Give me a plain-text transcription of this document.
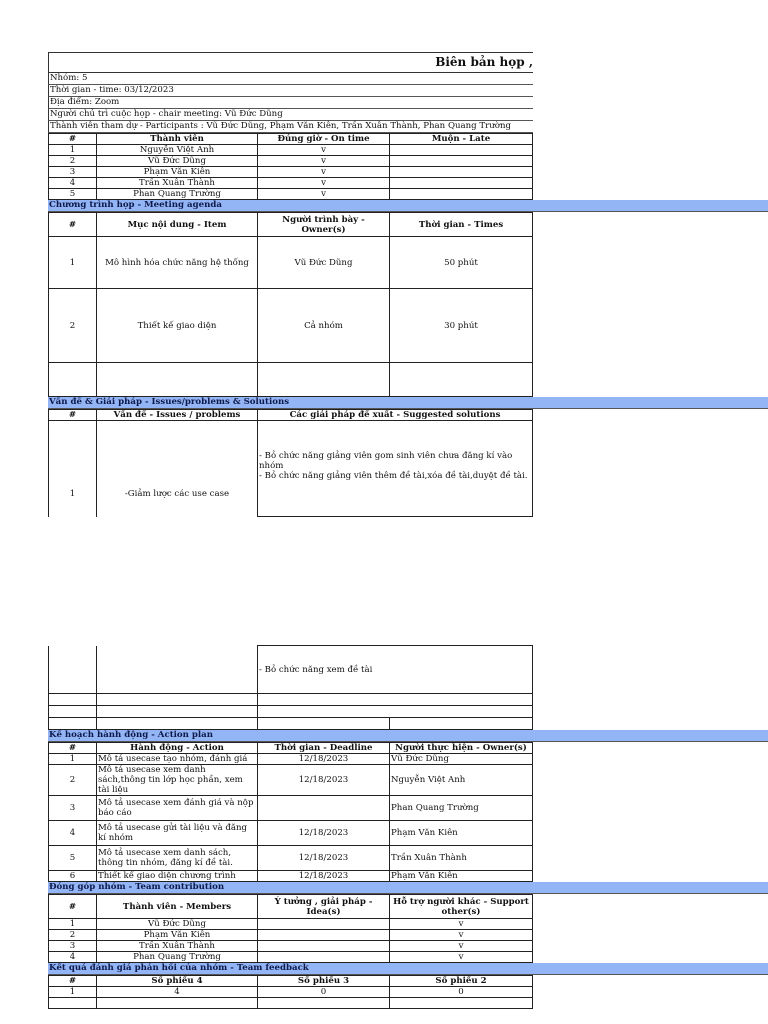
Biên bản họp ,
Nhóm: 5
Thời gian - time: 03/12/2023
Địa điểm: Zoom
Người chủ trì cuộc họp - chair meeting: Vũ Đức Dũng
Thành viên tham dự - Participants : Vũ Đức Dũng, Phạm Văn Kiên, Trần Xuân Thành, Phan Quang Trường
#	Thành viên	Đúng giờ - On time	Muộn - Late
1	Nguyễn Việt Anh	v	
2	Vũ Đức Dũng	v	
3	Phạm Văn Kiên	v	
4	Trần Xuân Thành	v	
5	Phan Quang Trường	v	
Chương trình họp - Meeting agenda
#	Mục nội dung - Item	Người trình bày - Owner(s)	Thời gian - Times
1	Mô hình hóa chức năng hệ thống	Vũ Đức Dũng	50 phút
2	Thiết kế giao diện	Cả nhóm	30 phút

Vấn đề & Giải pháp - Issues/problems & Solutions
#	Vấn đề - Issues / problems	Các giải pháp đề xuất - Suggested solutions
1	-Giảm lược các use case	- Bỏ chức năng giảng viên gom sinh viên chưa đăng kí vào nhóm
- Bỏ chức năng giảng viên thêm đề tài,xóa đề tài,duyệt đề tài.
		- Bỏ chức năng xem đề tài	

Kế hoạch hành động - Action plan
#	Hành động - Action	Thời gian - Deadline	Người thực hiện - Owner(s)
1	Mô tả usecase tạo nhóm, đánh giá	12/18/2023	Vũ Đức Dũng
2	Mô tả usecase xem danh sách,thông tin lớp học phần, xem tài liệu	12/18/2023	Nguyễn Việt Anh
3	Mô tả usecase xem đánh giá và nộp báo cáo		Phan Quang Trường
4	Mô tả usecase gửi tài liệu và đăng kí nhóm	12/18/2023	Phạm Văn Kiên
5	Mô tả usecase xem danh sách, thông tin nhóm, đăng kí đề tài.	12/18/2023	Trần Xuân Thành
6	Thiết kế giao diện chương trình	12/18/2023	Phạm Văn Kiên
Đóng góp nhóm - Team contribution
#	Thành viên - Members	Ý tưởng , giải pháp - Idea(s)	Hỗ trợ người khác - Support other(s)
1	Vũ Đức Dũng		v
2	Phạm Văn Kiên		v
3	Trần Xuân Thành		v
4	Phan Quang Trường		v
Kết quả đánh giá phản hồi của nhóm - Team feedback
#	Số phiếu 4	Số phiếu 3	Số phiếu 2
1	4	0	0
